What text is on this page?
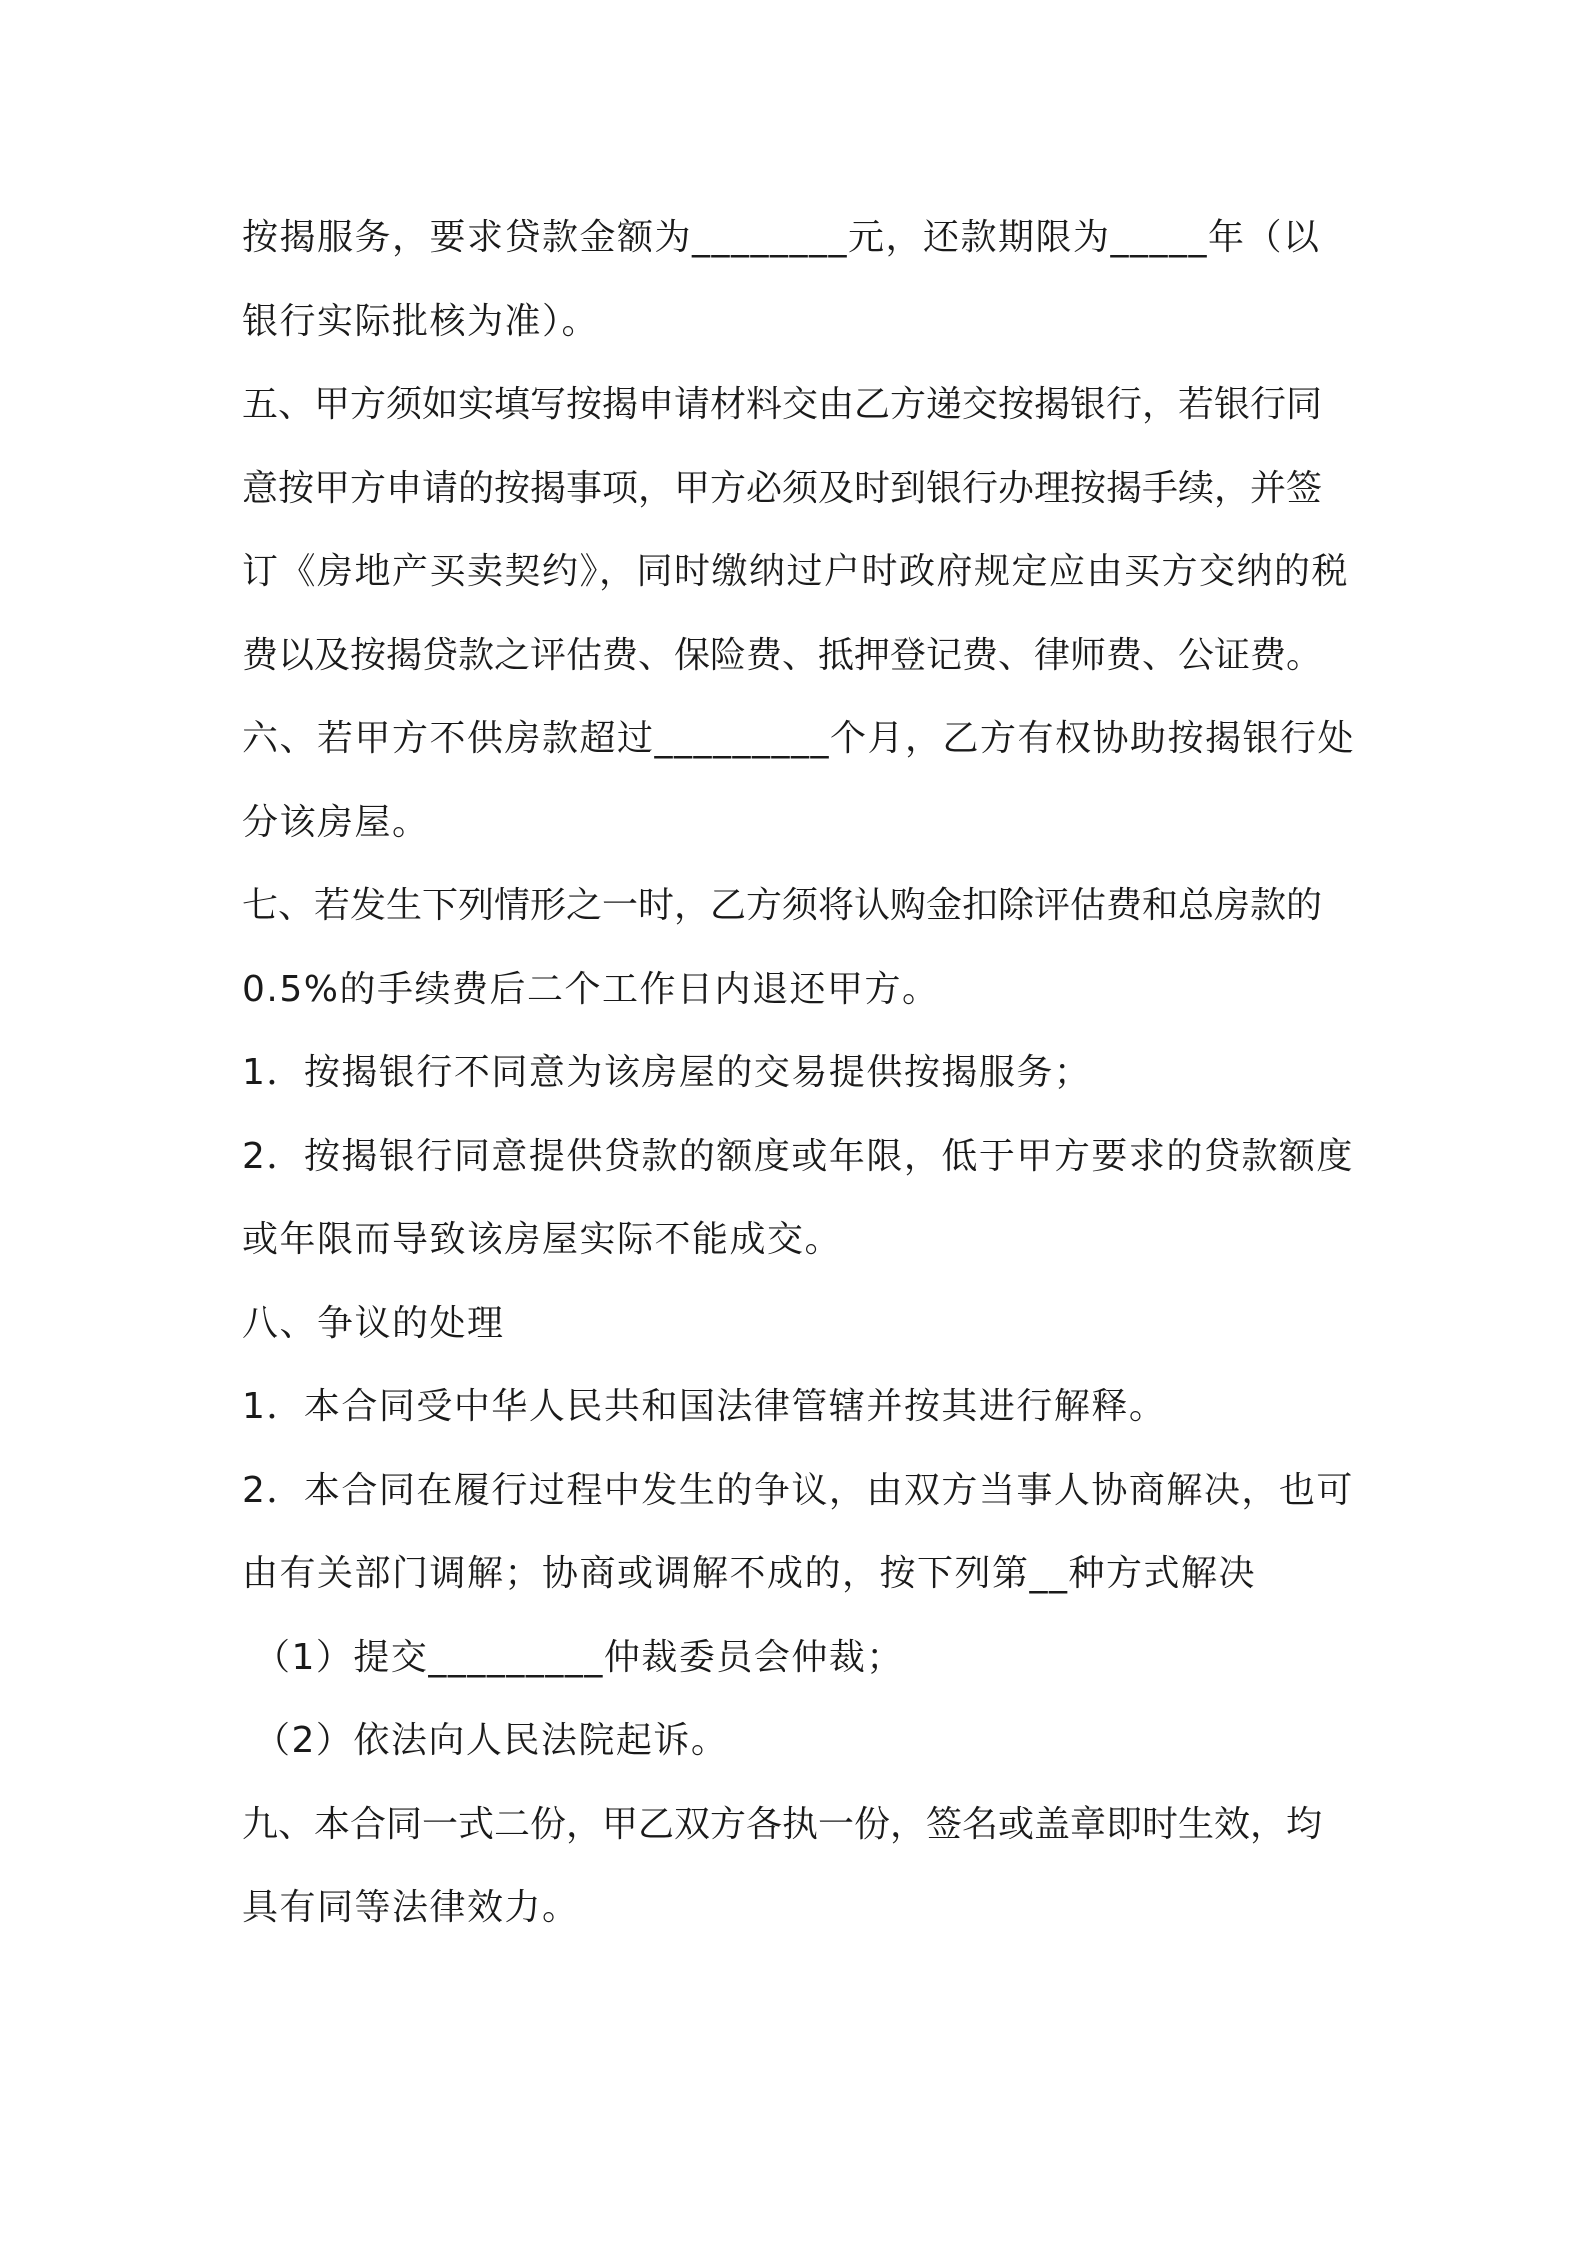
按揭服务，要求贷款金额为________元，还款期限为_____年（以
银行实际批核为准）。
五、甲方须如实填写按揭申请材料交由乙方递交按揭银行，若银行同
意按甲方申请的按揭事项，甲方必须及时到银行办理按揭手续，并签
订《房地产买卖契约》，同时缴纳过户时政府规定应由买方交纳的税
费以及按揭贷款之评估费、保险费、抵押登记费、律师费、公证费。
六、若甲方不供房款超过_________个月，乙方有权协助按揭银行处
分该房屋。
七、若发生下列情形之一时，乙方须将认购金扣除评估费和总房款的
0.5%的手续费后二个工作日内退还甲方。
1．按揭银行不同意为该房屋的交易提供按揭服务；
2．按揭银行同意提供贷款的额度或年限，低于甲方要求的贷款额度
或年限而导致该房屋实际不能成交。
八、争议的处理
1．本合同受中华人民共和国法律管辖并按其进行解释。
2．本合同在履行过程中发生的争议，由双方当事人协商解决，也可
由有关部门调解；协商或调解不成的，按下列第__种方式解决
（1）提交_________仲裁委员会仲裁；
（2）依法向人民法院起诉。
九、本合同一式二份，甲乙双方各执一份，签名或盖章即时生效，均
具有同等法律效力。
